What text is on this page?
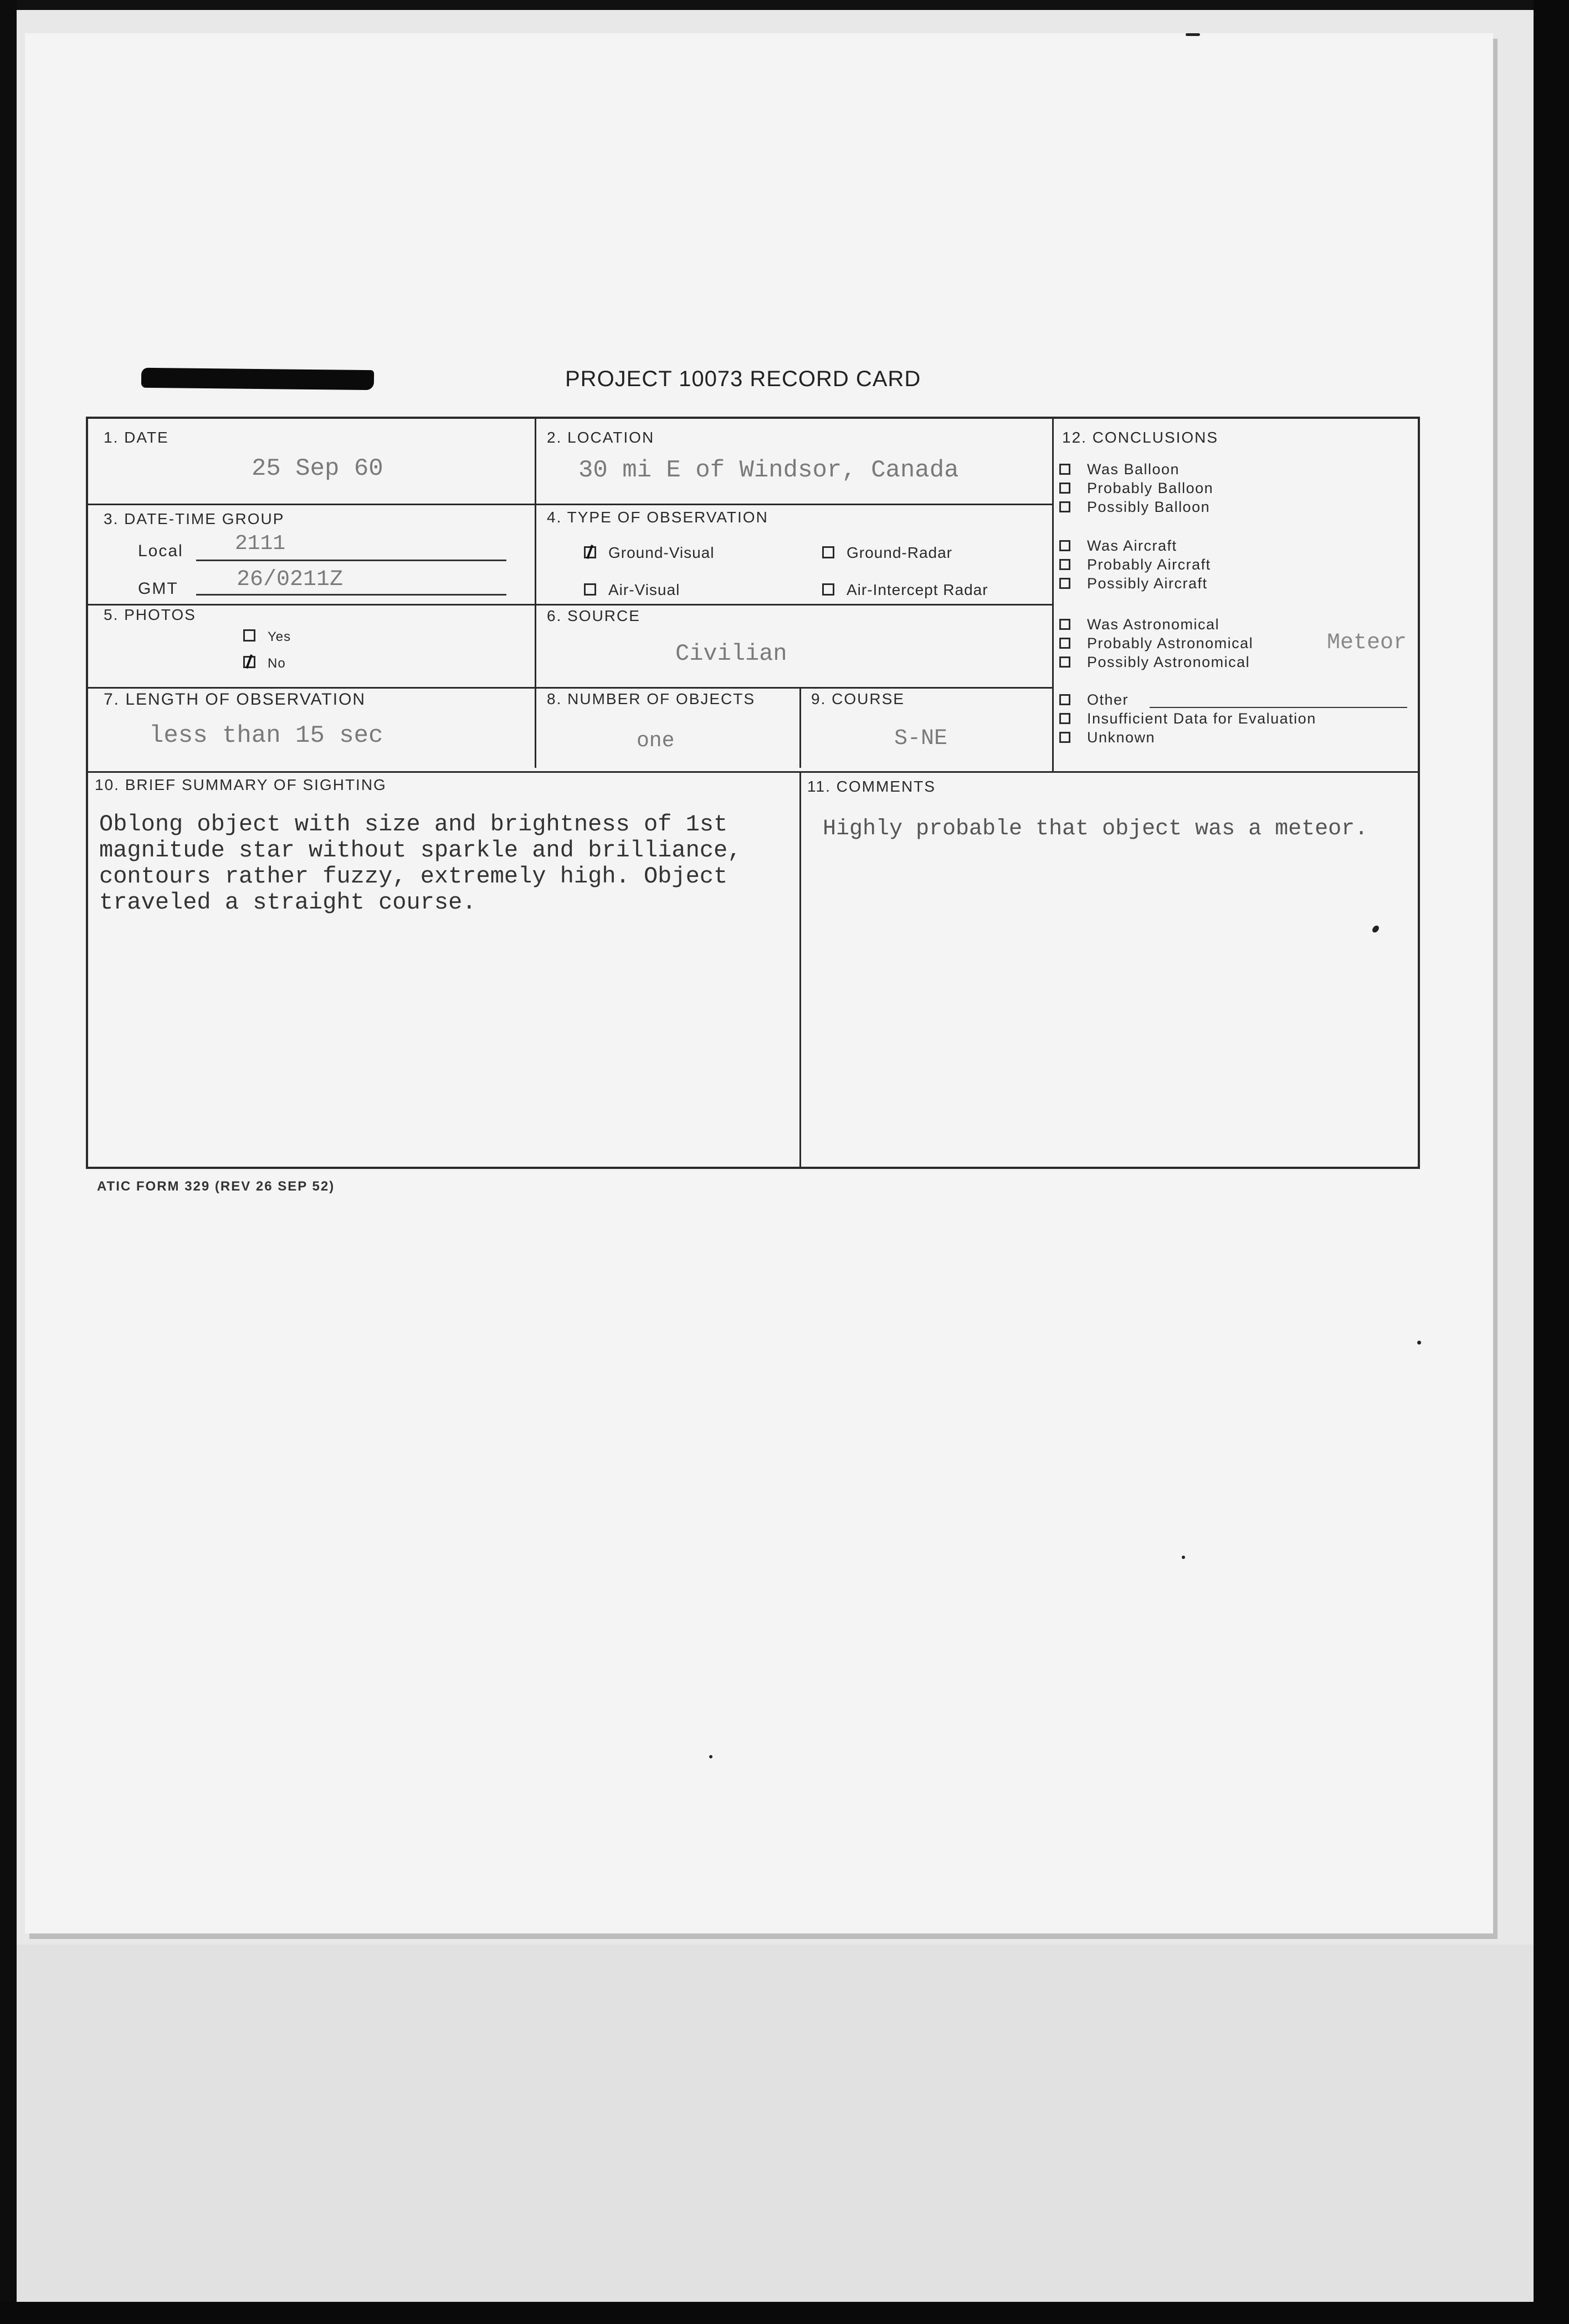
PROJECT 10073 RECORD CARD
1. DATE
25 Sep 60
2. LOCATION
30 mi E of Windsor, Canada
3. DATE-TIME GROUP
Local 2111
GMT	26/0211Z
4. TYPE OF OBSERVATION
Ground-Visual	Ground-Radar
Air-Visual	Air-Intercept Radar
5. PHOTOS
Yes
No
6. SOURCE
Civilian
7. LENGTH OF OBSERVATION
less than 15 sec
8. NUMBER OF OBJECTS
one
9. COURSE
S-NE
10. BRIEF SUMMARY OF SIGHTING
Oblong object with size and brightness of 1st
magnitude star without sparkle and brilliance,
contours rather fuzzy, extremely high. Object
traveled a straight course.
11. COMMENTS
Highly probable that object was a meteor.
12. CONCLUSIONS
Was Balloon
Probably Balloon
Possibly Balloon
Was Aircraft
Probably Aircraft
Possibly Aircraft
Was Astronomical
Probably Astronomical
Possibly Astronomical
Meteor
Other
Insufficient Data for Evaluation
Unknown
ATIC FORM 329 (REV 26 SEP 52)
